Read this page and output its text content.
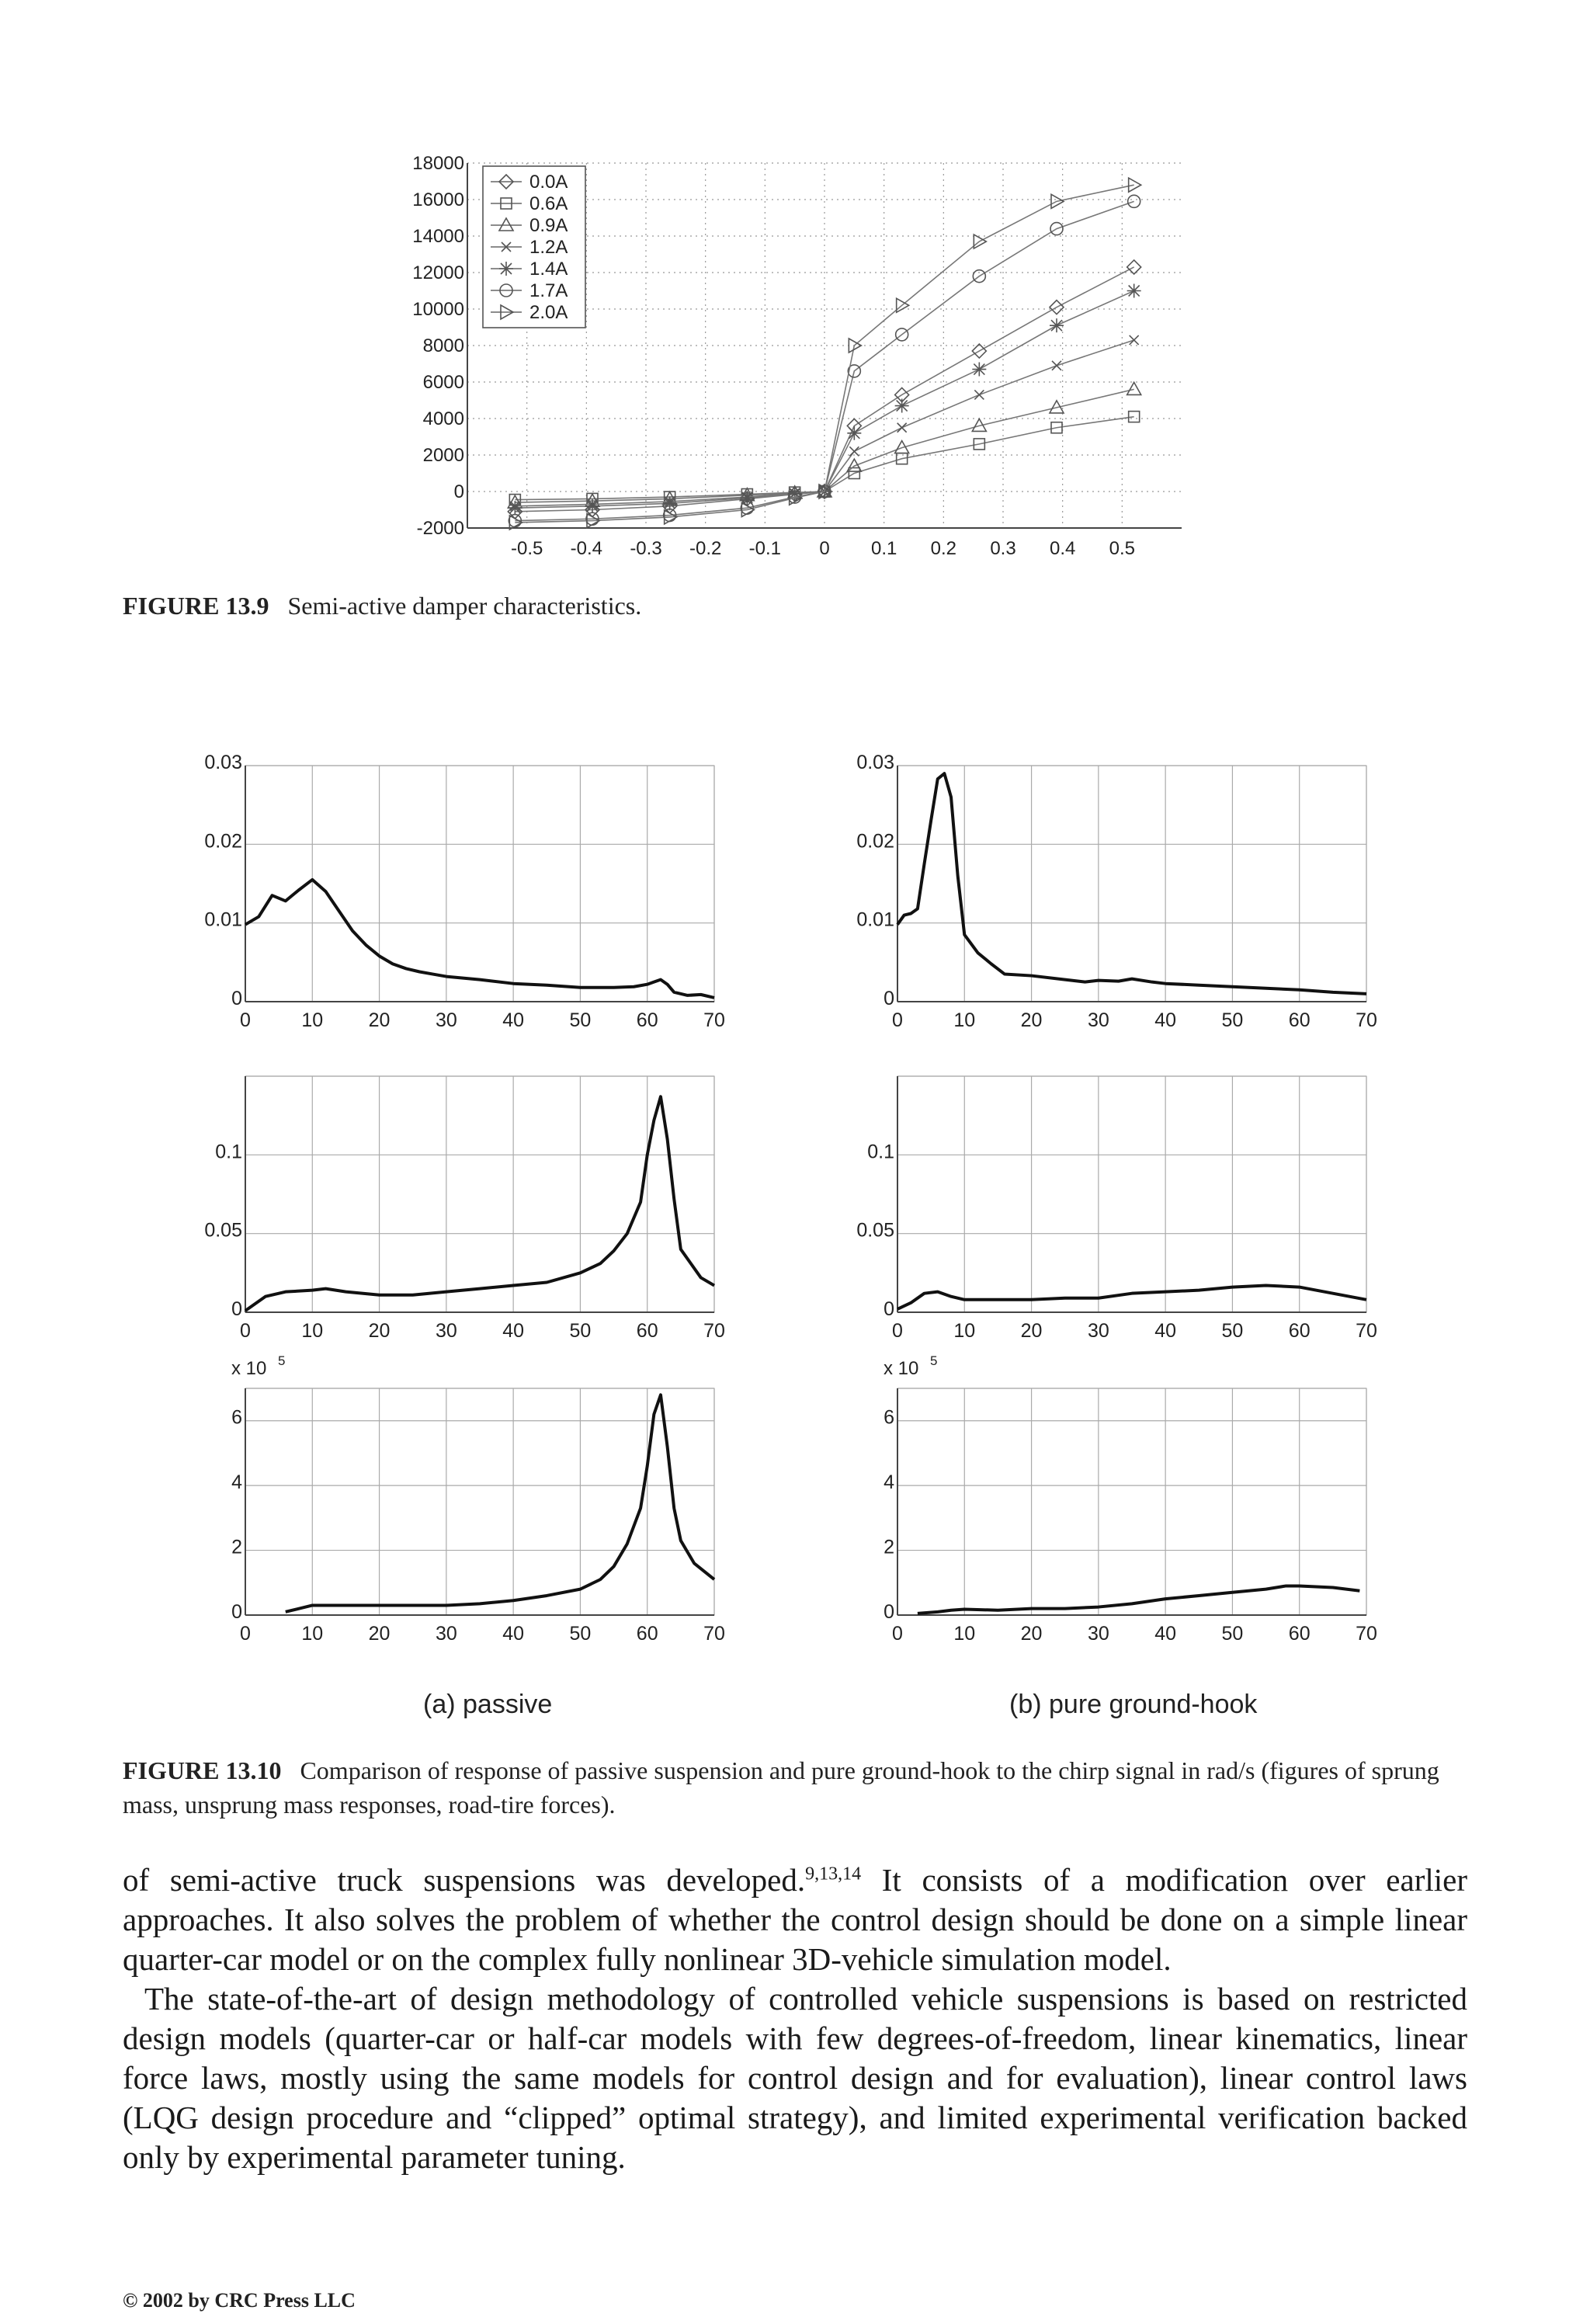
-0.5 -0.4 -0.3 -0.2 -0.1 0 0.1 0.2 0.3 0.4 0.5
18000
16000
14000
12000
10000
8000
6000
4000
2000
0
-2000
0.0A
0.6A
0.9A
1.2A
1.4A
1.7A
2.0A
FIGURE 13.9 Semi-active damper characteristics.
0	10 20 30 40 50 60 70
0
0.01
0.02
0.03
0	10 20 30 40 50 60 70
0
0.01
0.02
0.03
0	10 20 30 40 50 60 70
0
0.05
0.1
0	10 20 30 40 50 60 70
0
0.05
0.1
0	10 20 30 40 50 60 70
0
2
4
6
x 10 5
0	10 20 30 40 50 60 70
0
2
4
6
x 10 5
(a) passive	(b) pure ground-hook
FIGURE 13.10 Comparison of response of passive suspension and pure ground-hook to the chirp signal in rad/s (figures of sprung mass, unsprung mass responses, road-tire forces).

of semi-active truck suspensions was developed.$^{9,13,14}$ It consists of a modification over earlier approaches. It also solves the problem of whether the control design should be done on a simple linear quarter-car model or on the complex fully nonlinear 3D-vehicle simulation model.

The state-of-the-art of design methodology of controlled vehicle suspensions is based on restricted design models (quarter-car or half-car models with few degrees-of-freedom, linear kinematics, linear force laws, mostly using the same models for control design and for evaluation), linear control laws (LQG design procedure and “clipped” optimal strategy), and limited experimental verification backed only by experimental parameter tuning.

© 2002 by CRC Press LLC
